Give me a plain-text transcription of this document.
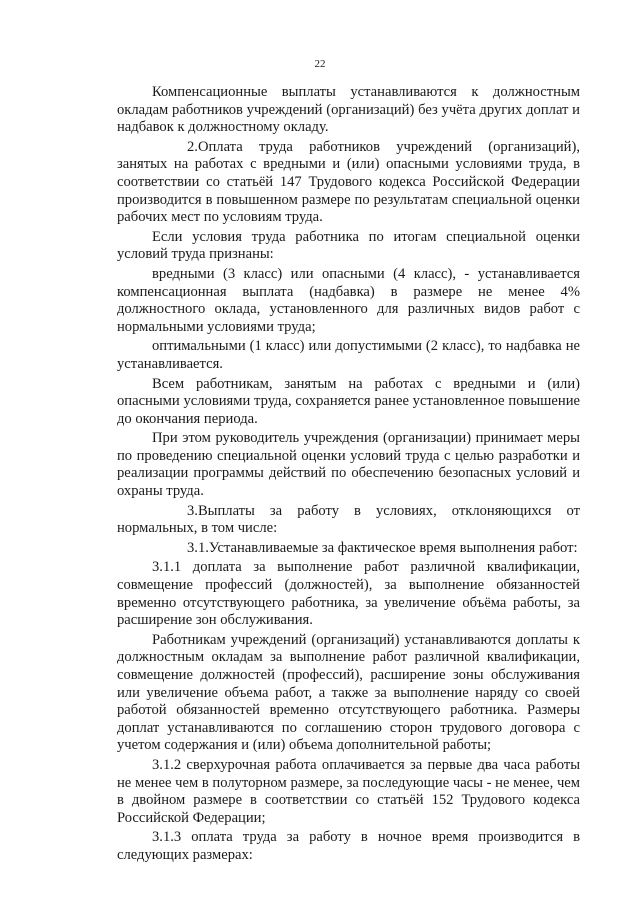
22

Компенсационные выплаты устанавливаются к должностным окладам работников учреждений (организаций) без учёта других доплат и надбавок к должностному окладу.

2.Оплата труда работников учреждений (организаций), занятых на работах с вредными и (или) опасными условиями труда, в соответствии со статьёй 147 Трудового кодекса Российской Федерации производится в повышенном размере по результатам специальной оценки рабочих мест по условиям труда.

Если условия труда работника по итогам специальной оценки условий труда признаны:

вредными (3 класс) или опасными (4 класс), - устанавливается компенсационная выплата (надбавка) в размере не менее 4% должностного оклада, установленного для различных видов работ с нормальными условиями труда;

оптимальными (1 класс) или допустимыми (2 класс), то надбавка не устанавливается.

Всем работникам, занятым на работах с вредными и (или) опасными условиями труда, сохраняется ранее установленное повышение до окончания периода.

При этом руководитель учреждения (организации) принимает меры по проведению специальной оценки условий труда с целью разработки и реализации программы действий по обеспечению безопасных условий и охраны труда.

3.Выплаты за работу в условиях, отклоняющихся от нормальных, в том числе:

3.1.Устанавливаемые за фактическое время выполнения работ:

3.1.1 доплата за выполнение работ различной квалификации, совмещение профессий (должностей), за выполнение обязанностей временно отсутствующего работника, за увеличение объёма работы, за расширение зон обслуживания.

Работникам учреждений (организаций) устанавливаются доплаты к должностным окладам за выполнение работ различной квалификации, совмещение должностей (профессий), расширение зоны обслуживания или увеличение объема работ, а также за выполнение наряду со своей работой обязанностей временно отсутствующего работника. Размеры доплат устанавливаются по соглашению сторон трудового договора с учетом содержания и (или) объема дополнительной работы;

3.1.2 сверхурочная работа оплачивается за первые два часа работы не менее чем в полуторном размере, за последующие часы - не менее, чем в двойном размере в соответствии со статьёй 152 Трудового кодекса Российской Федерации;

3.1.3 оплата труда за работу в ночное время производится в следующих размерах:
